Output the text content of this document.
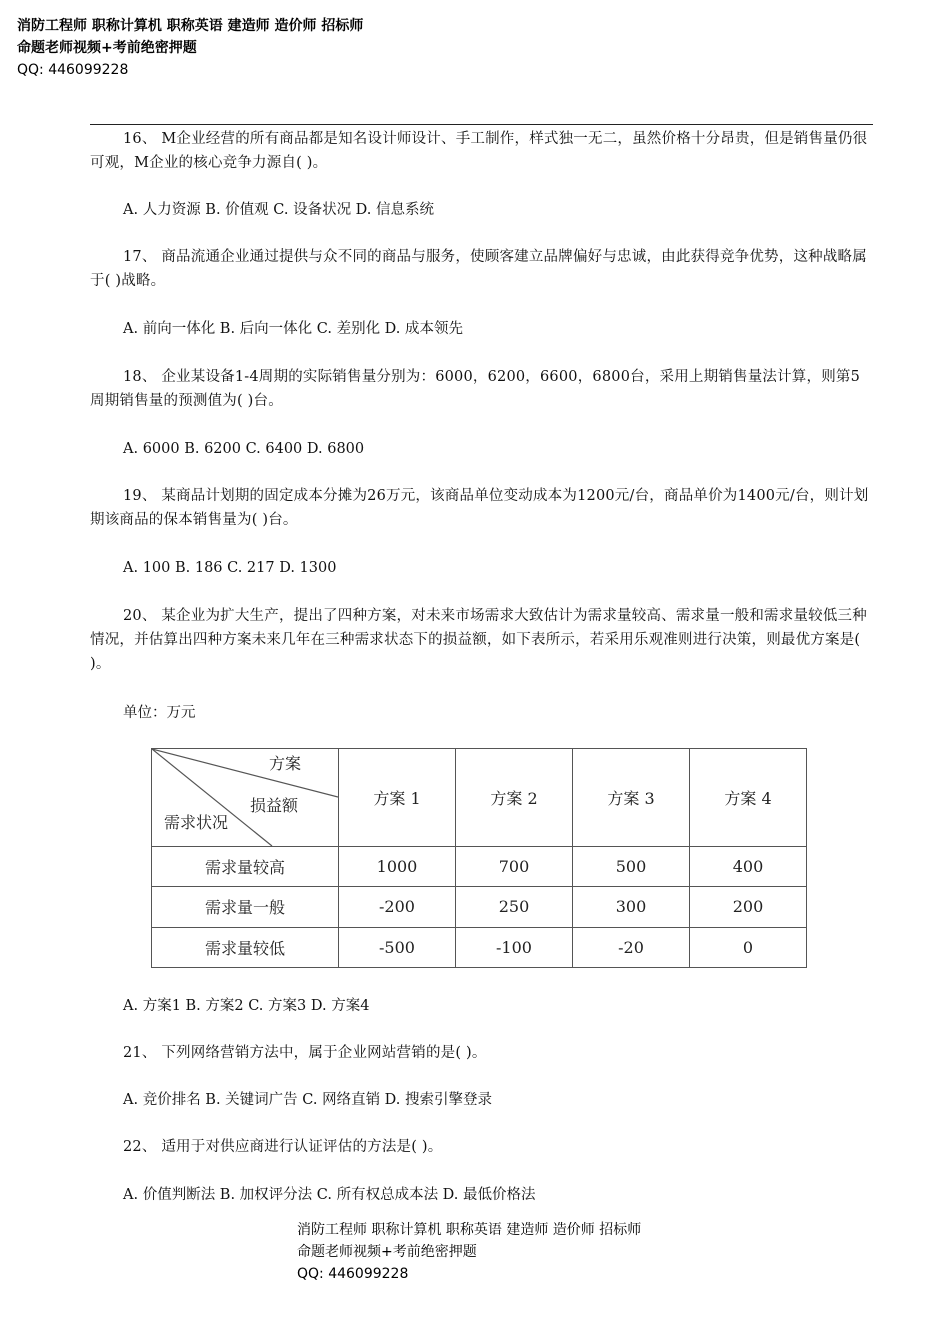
消防工程师 职称计算机 职称英语 建造师 造价师 招标师
命题老师视频+考前绝密押题
QQ: 446099228
16、 M企业经营的所有商品都是知名设计师设计、手工制作，样式独一无二，虽然价格十分昂贵，但是销售量仍很可观，M企业的核心竞争力源自( )。
A. 人力资源 B. 价值观 C. 设备状况 D. 信息系统
17、 商品流通企业通过提供与众不同的商品与服务，使顾客建立品牌偏好与忠诚，由此获得竞争优势，这种战略属于( )战略。
A. 前向一体化 B. 后向一体化 C. 差别化 D. 成本领先
18、 企业某设备1-4周期的实际销售量分别为：6000，6200，6600，6800台，采用上期销售量法计算，则第5 周期销售量的预测值为( )台。
A. 6000 B. 6200 C. 6400 D. 6800
19、 某商品计划期的固定成本分摊为26万元，该商品单位变动成本为1200元/台，商品单价为1400元/台，则计划期该商品的保本销售量为( )台。
A. 100 B. 186 C. 217 D. 1300
20、 某企业为扩大生产，提出了四种方案，对未来市场需求大致估计为需求量较高、需求量一般和需求量较低三种情况，并估算出四种方案未来几年在三种需求状态下的损益额，如下表所示，若采用乐观准则进行决策，则最优方案是( )。
单位：万元
方案
损益额
需求状况	方案 1	方案 2	方案 3	方案 4
需求量较高	1000	700	500	400
需求量一般	-200	250	300	200
需求量较低	-500	-100	-20	0
A. 方案1 B. 方案2 C. 方案3 D. 方案4
21、 下列网络营销方法中，属于企业网站营销的是( )。
A. 竞价排名 B. 关键词广告 C. 网络直销 D. 搜索引擎登录
22、 适用于对供应商进行认证评估的方法是( )。
A. 价值判断法 B. 加权评分法 C. 所有权总成本法 D. 最低价格法
消防工程师 职称计算机 职称英语 建造师 造价师 招标师
命题老师视频+考前绝密押题
QQ: 446099228
